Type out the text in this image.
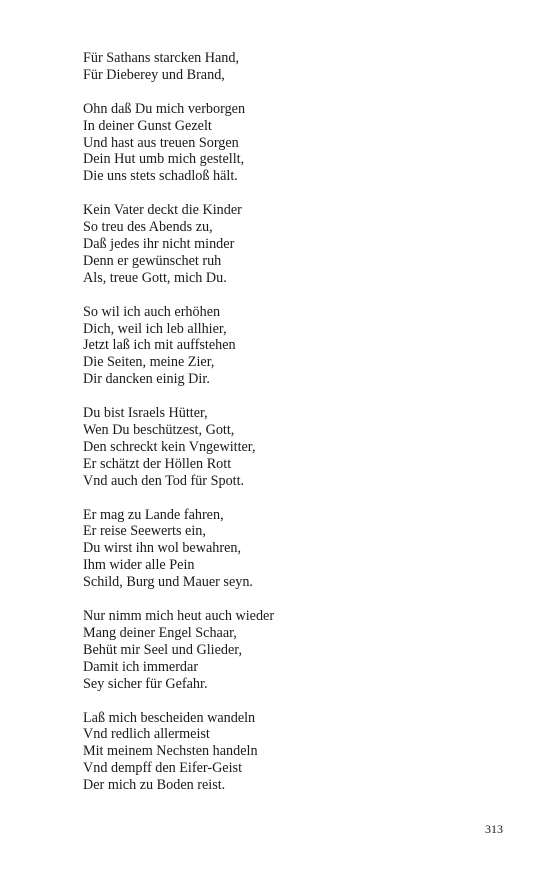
Für Sathans starcken Hand,
Für Dieberey und Brand,
Ohn daß Du mich verborgen
In deiner Gunst Gezelt
Und hast aus treuen Sorgen
Dein Hut umb mich gestellt,
Die uns stets schadloß hält.
Kein Vater deckt die Kinder
So treu des Abends zu,
Daß jedes ihr nicht minder
Denn er gewünschet ruh
Als, treue Gott, mich Du.
So wil ich auch erhöhen
Dich, weil ich leb allhier,
Jetzt laß ich mit auffstehen
Die Seiten, meine Zier,
Dir dancken einig Dir.
Du bist Israels Hütter,
Wen Du beschützest, Gott,
Den schreckt kein Vngewitter,
Er schätzt der Höllen Rott
Vnd auch den Tod für Spott.
Er mag zu Lande fahren,
Er reise Seewerts ein,
Du wirst ihn wol bewahren,
Ihm wider alle Pein
Schild, Burg und Mauer seyn.
Nur nimm mich heut auch wieder
Mang deiner Engel Schaar,
Behüt mir Seel und Glieder,
Damit ich immerdar
Sey sicher für Gefahr.
Laß mich bescheiden wandeln
Vnd redlich allermeist
Mit meinem Nechsten handeln
Vnd dempff den Eifer-Geist
Der mich zu Boden reist.
313
